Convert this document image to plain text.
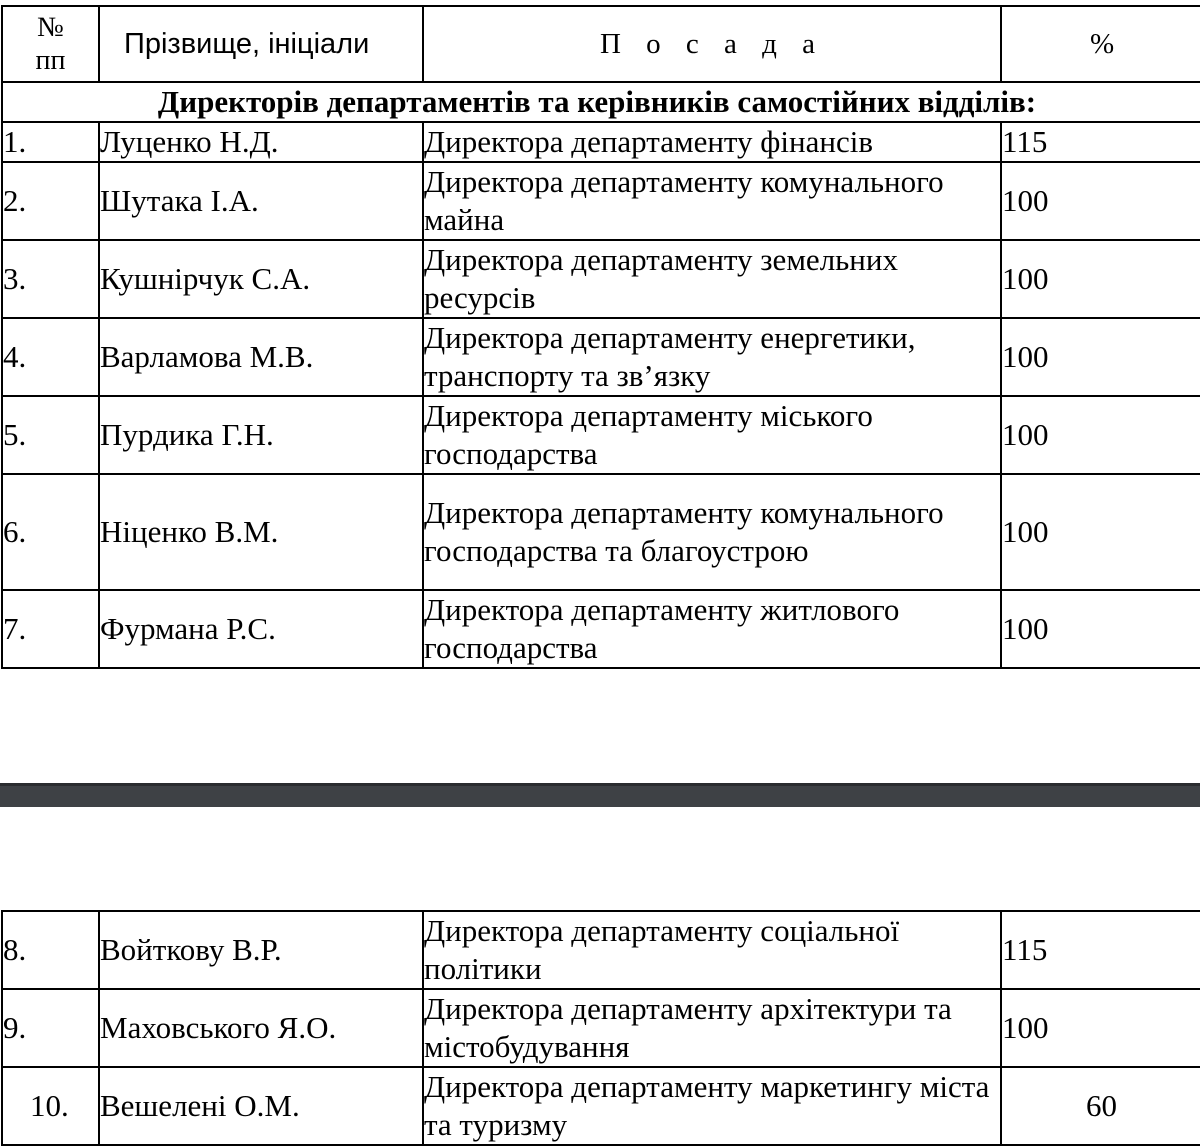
№ пп	Прізвище, ініціали	П о с а д а	%
Директорів департаментів та керівників самостійних відділів:			
1.	Луценко Н.Д.	Директора департаменту фінансів	115
2.	Шутака І.А.	Директора департаменту комунального майна	100
3.	Кушнірчук С.А.	Директора департаменту земельних ресурсів	100
4.	Варламова М.В.	Директора департаменту енергетики, транспорту та зв’язку	100
5.	Пурдика Г.Н.	Директора департаменту міського господарства	100
6.	Ніценко В.М.	Директора департаменту комунального господарства та благоустрою	100
7.	Фурмана Р.С.	Директора департаменту житлового господарства	100
8.	Войткову В.Р.	Директора департаменту соціальної політики	115
9.	Маховського Я.О.	Директора департаменту архітектури та містобудування	100
10.	Вешелені О.М.	Директора департаменту маркетингу міста та туризму	60
